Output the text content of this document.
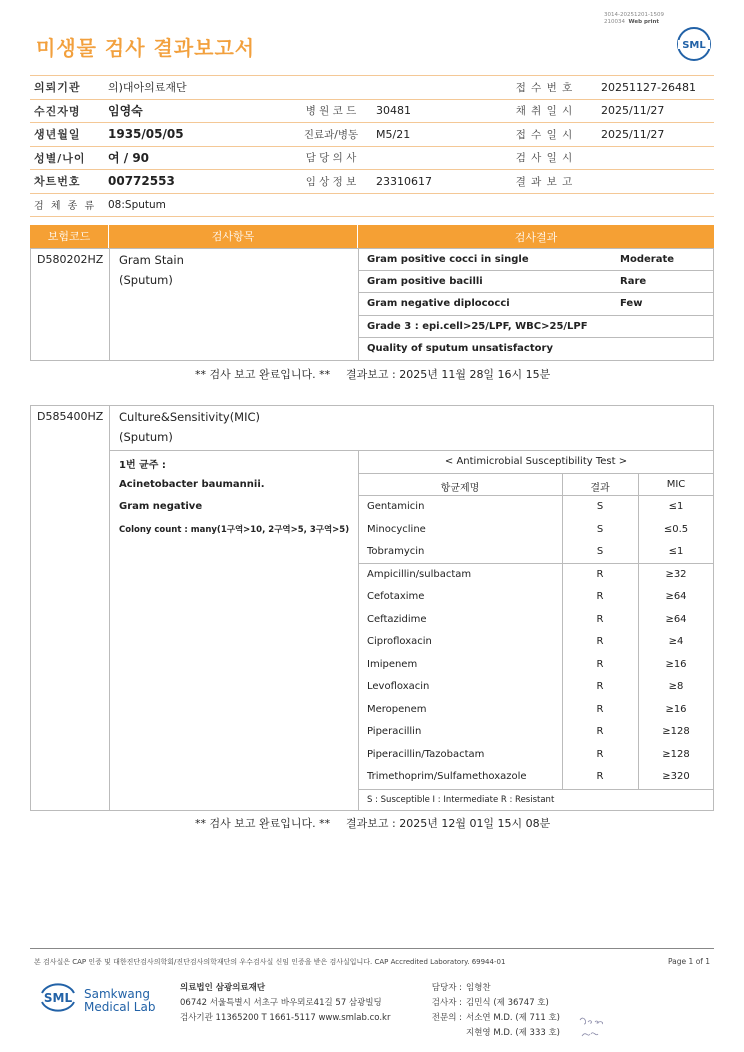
3014-20251201-1509
210034 Web print
미생물 검사 결과보고서	SML
의뢰기관	의)대아의료재단	접 수 번 호	20251127-26481
수진자명	임영숙	병 원 코 드	30481	채 취 일 시	2025/11/27
생년월일	1935/05/05	진료과/병동	M5/21	접 수 일 시	2025/11/27
성별/나이	여 / 90	담 당 의 사	검 사 일 시
차트번호	00772553	임 상 정 보	23310617	결 과 보 고
검 체 종 류	08:Sputum
보험코드	검사항목	검사결과
D580202HZ Gram Stain
(Sputum)
Gram positive cocci in single	Moderate
Gram positive bacilli	Rare
Gram negative diplococci	Few
Grade 3 : epi.cell>25/LPF, WBC>25/LPF
Quality of sputum unsatisfactory
** 검사 보고 완료입니다. ** 결과보고 : 2025년 11월 28일 16시 15분
D585400HZ Culture&Sensitivity(MIC)
(Sputum)
1번 균주 :
Acinetobacter baumannii.
Gram negative
Colony count : many(1구역>10, 2구역>5, 3구역>5)
< Antimicrobial Susceptibility Test >
항균제명	결과	MIC
Gentamicin	S	≤1
Minocycline	S	≤0.5
Tobramycin	S	≤1
Ampicillin/sulbactam	R	≥32
Cefotaxime	R	≥64
Ceftazidime	R	≥64
Ciprofloxacin	R	≥4
Imipenem	R	≥16
Levofloxacin	R	≥8
Meropenem	R	≥16
Piperacillin	R	≥128
Piperacillin/Tazobactam	R	≥128
Trimethoprim/Sulfamethoxazole	R	≥320
S : Susceptible I : Intermediate R : Resistant
** 검사 보고 완료입니다. ** 결과보고 : 2025년 12월 01일 15시 08분
본 검사실은 CAP 인증 및 대한진단검사의학회/진단검사의학재단의 우수검사실 신임 인증을 받은 검사실입니다. CAP Accredited Laboratory. 69944-01	Page 1 of 1
SML Samkwang
Medical Lab
의료법인 삼광의료재단
06742 서울특별시 서초구 바우뫼로41길 57 삼광빌딩
검사기관 11365200 T 1661-5117 www.smlab.co.kr
담당자 : 임형찬
검사자 : 김민식 (제 36747 호)
전문의 : 서소연 M.D. (제 711 호)
지현영 M.D. (제 333 호)
